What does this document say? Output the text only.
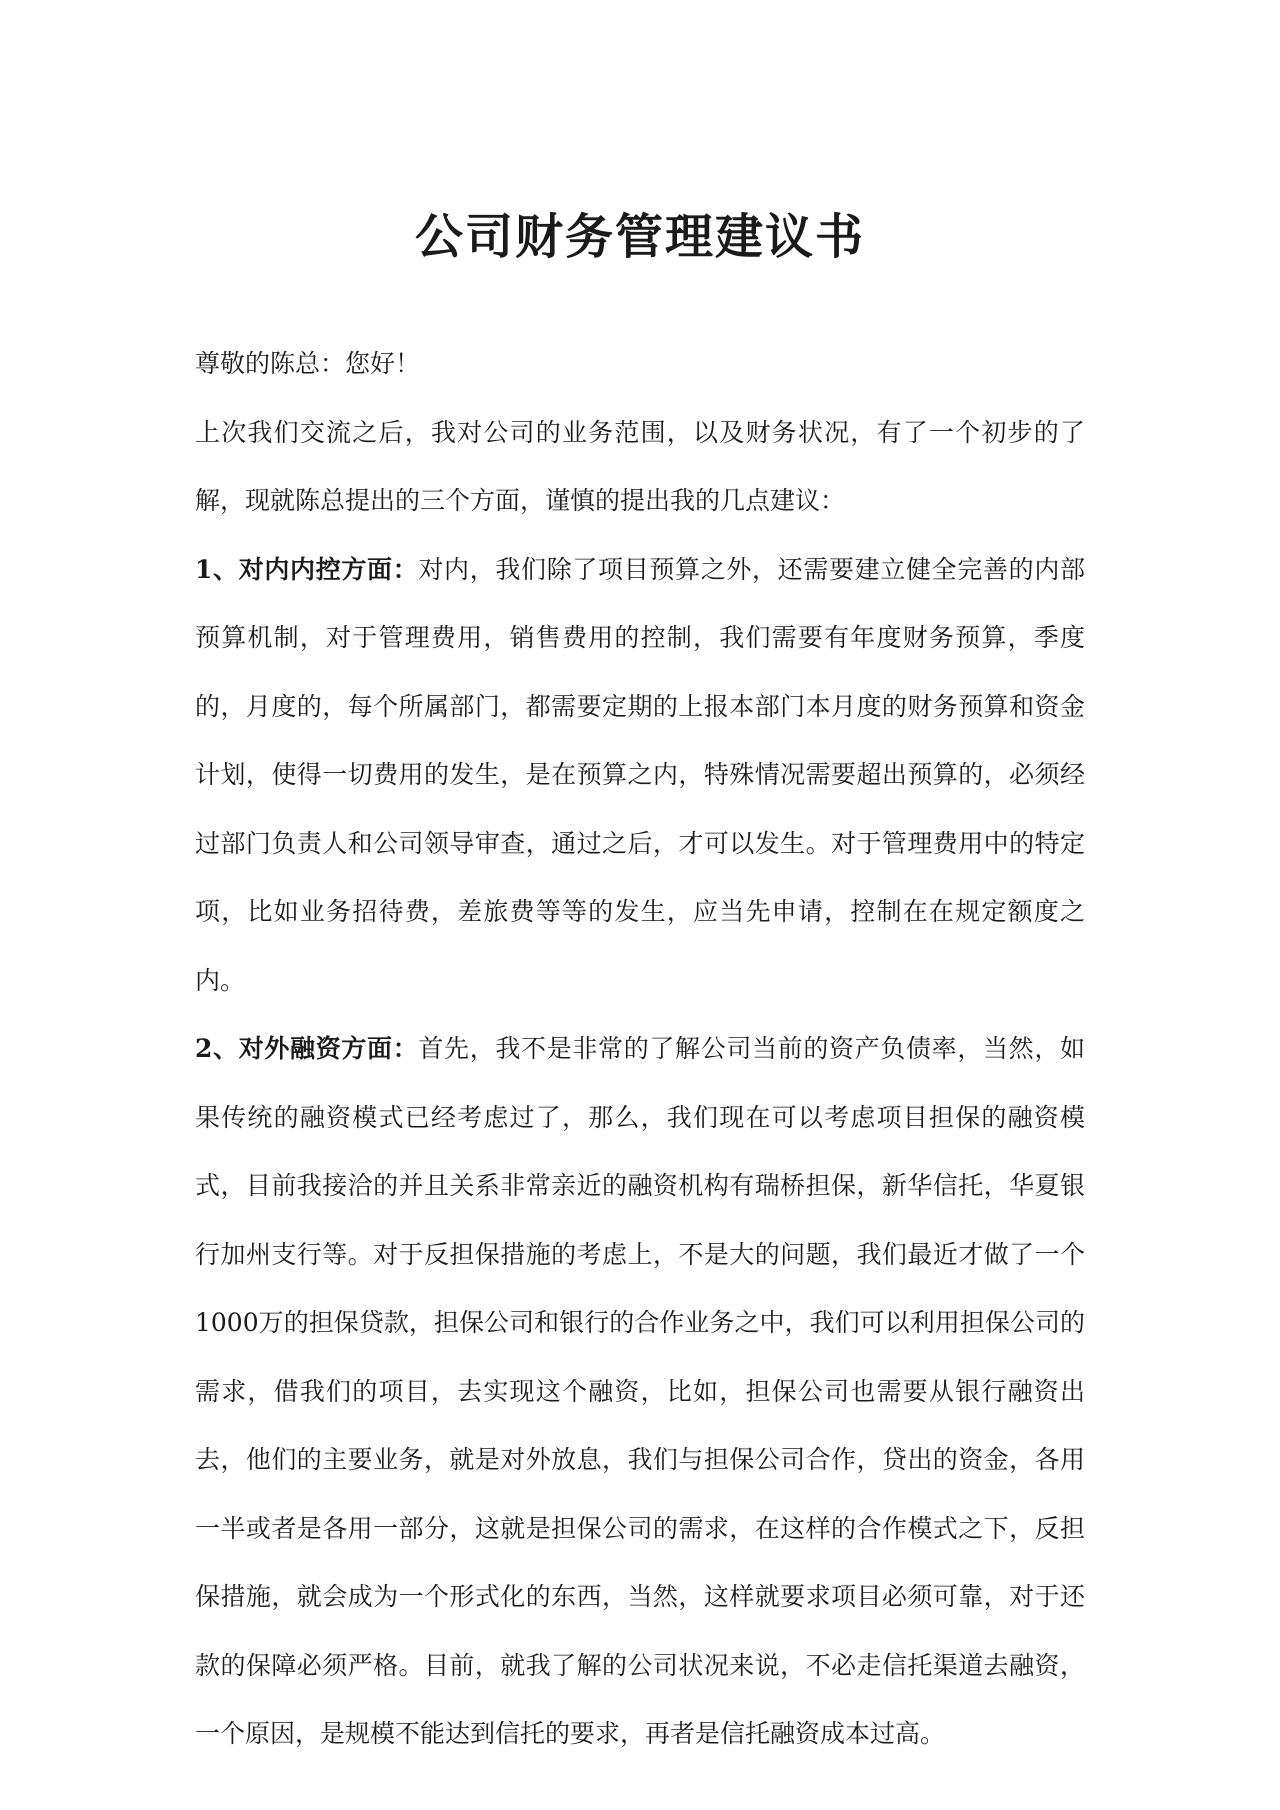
公司财务管理建议书

尊敬的陈总：您好！

上次我们交流之后，我对公司的业务范围，以及财务状况，有了一个初步的了解，现就陈总提出的三个方面，谨慎的提出我的几点建议：

1、对内内控方面：对内，我们除了项目预算之外，还需要建立健全完善的内部预算机制，对于管理费用，销售费用的控制，我们需要有年度财务预算，季度的，月度的，每个所属部门，都需要定期的上报本部门本月度的财务预算和资金计划，使得一切费用的发生，是在预算之内，特殊情况需要超出预算的，必须经过部门负责人和公司领导审查，通过之后，才可以发生。对于管理费用中的特定项，比如业务招待费，差旅费等等的发生，应当先申请，控制在在规定额度之内。

2、对外融资方面：首先，我不是非常的了解公司当前的资产负债率，当然，如果传统的融资模式已经考虑过了，那么，我们现在可以考虑项目担保的融资模式，目前我接洽的并且关系非常亲近的融资机构有瑞桥担保，新华信托，华夏银行加州支行等。对于反担保措施的考虑上，不是大的问题，我们最近才做了一个1000万的担保贷款，担保公司和银行的合作业务之中，我们可以利用担保公司的需求，借我们的项目，去实现这个融资，比如，担保公司也需要从银行融资出去，他们的主要业务，就是对外放息，我们与担保公司合作，贷出的资金，各用一半或者是各用一部分，这就是担保公司的需求，在这样的合作模式之下，反担保措施，就会成为一个形式化的东西，当然，这样就要求项目必须可靠，对于还款的保障必须严格。目前，就我了解的公司状况来说，不必走信托渠道去融资，一个原因，是规模不能达到信托的要求，再者是信托融资成本过高。
